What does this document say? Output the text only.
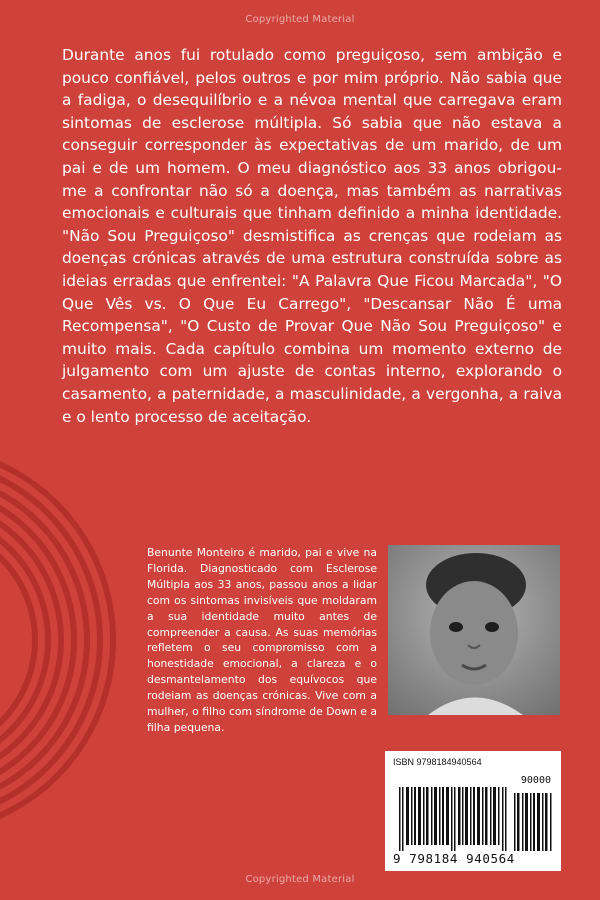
Copyrighted Material

Durante anos fui rotulado como preguiçoso, sem ambição e pouco confiável, pelos outros e por mim próprio. Não sabia que a fadiga, o desequilíbrio e a névoa mental que carregava eram sintomas de esclerose múltipla. Só sabia que não estava a conseguir corresponder às expectativas de um marido, de um pai e de um homem. O meu diagnóstico aos 33 anos obrigou-me a confrontar não só a doença, mas também as narrativas emocionais e culturais que tinham definido a minha identidade. "Não Sou Preguiçoso" desmistifica as crenças que rodeiam as doenças crónicas através de uma estrutura construída sobre as ideias erradas que enfrentei: "A Palavra Que Ficou Marcada", "O Que Vês vs. O Que Eu Carrego", "Descansar Não É uma Recompensa", "O Custo de Provar Que Não Sou Preguiçoso" e muito mais. Cada capítulo combina um momento externo de julgamento com um ajuste de contas interno, explorando o casamento, a paternidade, a masculinidade, a vergonha, a raiva e o lento processo de aceitação.

Benunte Monteiro é marido, pai e vive na Florida. Diagnosticado com Esclerose Múltipla aos 33 anos, passou anos a lidar com os sintomas invisíveis que moldaram a sua identidade muito antes de compreender a causa. As suas memórias refletem o seu compromisso com a honestidade emocional, a clareza e o desmantelamento dos equívocos que rodeiam as doenças crónicas. Vive com a mulher, o filho com síndrome de Down e a filha pequena.

ISBN 9798184940564
90000
9 798184 940564
Copyrighted Material
